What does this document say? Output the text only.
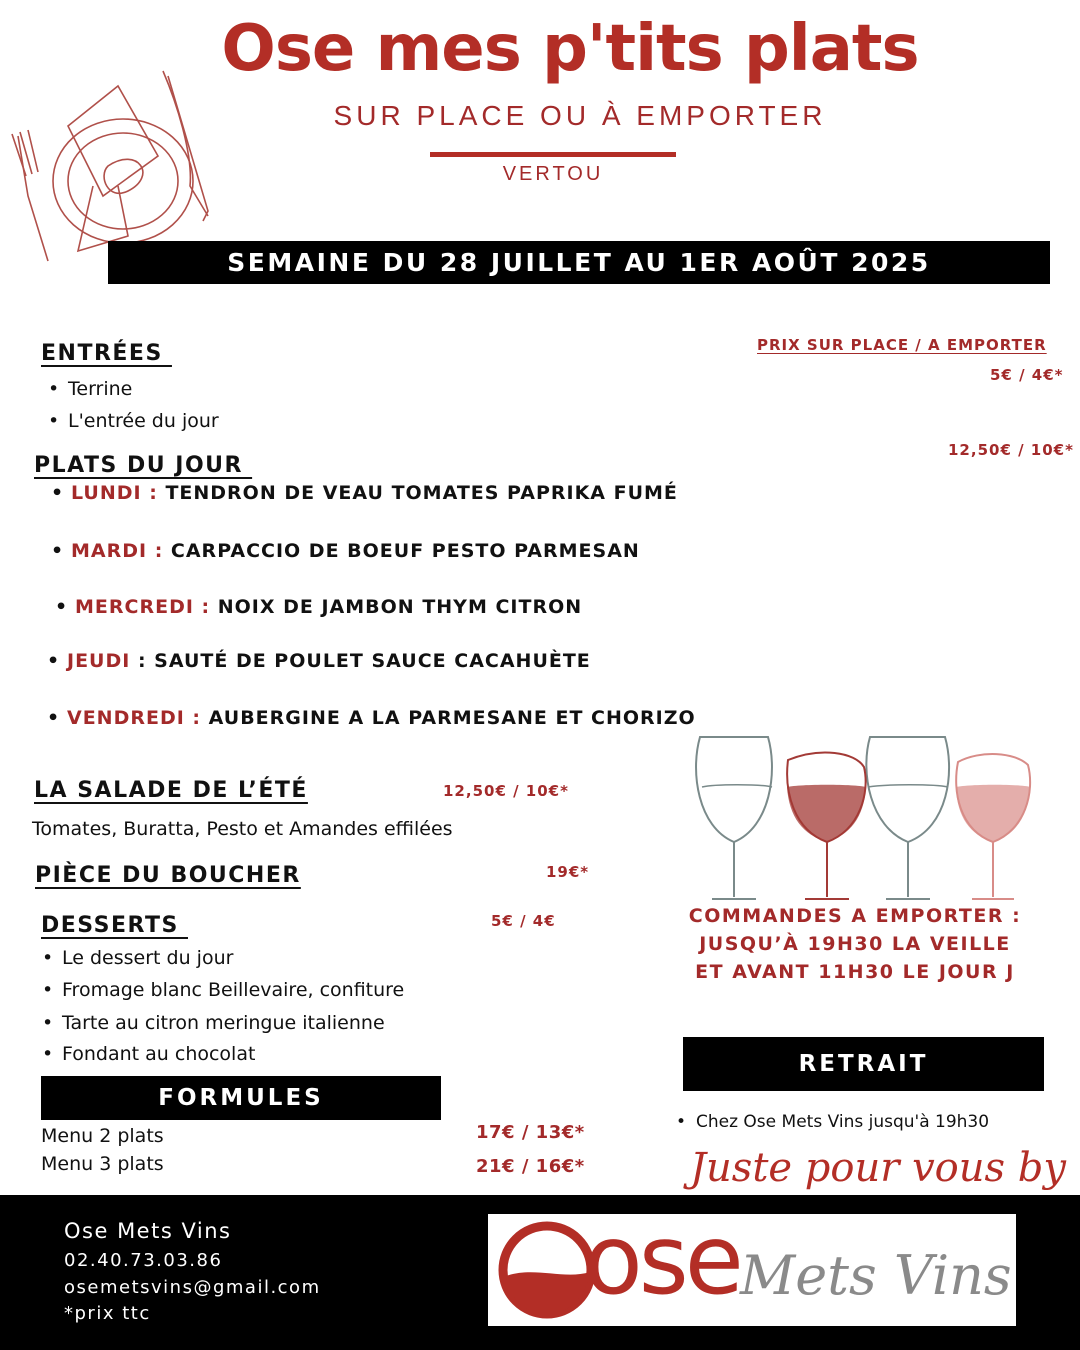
Ose mes p'tits plats
SUR PLACE OU À EMPORTER
VERTOU
SEMAINE DU 28 JUILLET AU 1ER AOÛT 2025
PRIX SUR PLACE / A EMPORTER
ENTRÉES
5€ / 4€*
• Terrine
• L'entrée du jour
PLATS DU JOUR
12,50€ / 10€*
• LUNDI : TENDRON DE VEAU TOMATES PAPRIKA FUMÉ
• MARDI : CARPACCIO DE BOEUF PESTO PARMESAN
• MERCREDI : NOIX DE JAMBON THYM CITRON
• JEUDI : SAUTÉ DE POULET SAUCE CACAHUÈTE
• VENDREDI : AUBERGINE A LA PARMESANE ET CHORIZO
LA SALADE DE L’ÉTÉ	12,50€ / 10€*
Tomates, Buratta, Pesto et Amandes effilées
PIÈCE DU BOUCHER	19€*
DESSERTS	5€ / 4€
• Le dessert du jour
• Fromage blanc Beillevaire, confiture
• Tarte au citron meringue italienne
• Fondant au chocolat
COMMANDES A EMPORTER :
JUSQU’À 19H30 LA VEILLE
ET AVANT 11H30 LE JOUR J
FORMULES
Menu 2 plats	17€ / 13€*
Menu 3 plats	21€ / 16€*
RETRAIT
• Chez Ose Mets Vins jusqu'à 19h30
Juste pour vous by
Ose Mets Vins
02.40.73.03.86
osemetsvins@gmail.com
*prix ttc	ose Mets Vins
